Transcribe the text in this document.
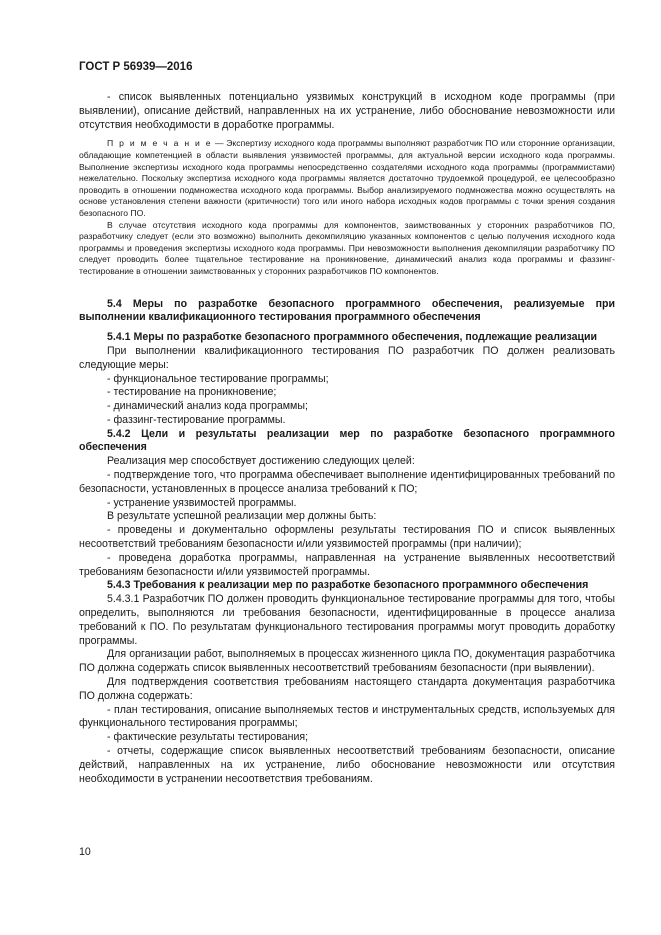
ГОСТ Р 56939—2016

- список выявленных потенциально уязвимых конструкций в исходном коде программы (при выявлении), описание действий, направленных на их устранение, либо обоснование невозможности или отсутствия необходимости в доработке программы.

П р и м е ч а н и е — Экспертизу исходного кода программы выполняют разработчик ПО или сторонние организации, обладающие компетенцией в области выявления уязвимостей программы, для актуальной версии исходного кода программы. Выполнение экспертизы исходного кода программы непосредственно создателями исходного кода программы (программистами) нежелательно. Поскольку экспертиза исходного кода программы является достаточно трудоемкой процедурой, ее целесообразно проводить в отношении подмножества исходного кода программы. Выбор анализируемого подмножества можно осуществлять на основе установления степени важности (критичности) того или иного набора исходных кодов программы с точки зрения создания безопасного ПО.

В случае отсутствия исходного кода программы для компонентов, заимствованных у сторонних разработчиков ПО, разработчику следует (если это возможно) выполнить декомпиляцию указанных компонентов с целью получения исходного кода программы и проведения экспертизы исходного кода программы. При невозможности выполнения декомпиляции разработчику ПО следует проводить более тщательное тестирование на проникновение, динамический анализ кода программы и фаззинг-тестирование в отношении заимствованных у сторонних разработчиков ПО компонентов.

5.4 Меры по разработке безопасного программного обеспечения, реализуемые при выполнении квалификационного тестирования программного обеспечения

5.4.1 Меры по разработке безопасного программного обеспечения, подлежащие реализации

При выполнении квалификационного тестирования ПО разработчик ПО должен реализовать следующие меры:

- функциональное тестирование программы;

- тестирование на проникновение;

- динамический анализ кода программы;

- фаззинг-тестирование программы.

5.4.2 Цели и результаты реализации мер по разработке безопасного программного обеспечения

Реализация мер способствует достижению следующих целей:

- подтверждение того, что программа обеспечивает выполнение идентифицированных требований по безопасности, установленных в процессе анализа требований к ПО;

- устранение уязвимостей программы.

В результате успешной реализации мер должны быть:

- проведены и документально оформлены результаты тестирования ПО и список выявленных несоответствий требованиям безопасности и/или уязвимостей программы (при наличии);

- проведена доработка программы, направленная на устранение выявленных несоответствий требованиям безопасности и/или уязвимостей программы.

5.4.3 Требования к реализации мер по разработке безопасного программного обеспечения

5.4.3.1 Разработчик ПО должен проводить функциональное тестирование программы для того, чтобы определить, выполняются ли требования безопасности, идентифицированные в процессе анализа требований к ПО. По результатам функционального тестирования программы могут проводить доработку программы.

Для организации работ, выполняемых в процессах жизненного цикла ПО, документация разработчика ПО должна содержать список выявленных несоответствий требованиям безопасности (при выявлении).

Для подтверждения соответствия требованиям настоящего стандарта документация разработчика ПО должна содержать:

- план тестирования, описание выполняемых тестов и инструментальных средств, используемых для функционального тестирования программы;

- фактические результаты тестирования;

- отчеты, содержащие список выявленных несоответствий требованиям безопасности, описание действий, направленных на их устранение, либо обоснование невозможности или отсутствия необходимости в устранении несоответствия требованиям.

10
